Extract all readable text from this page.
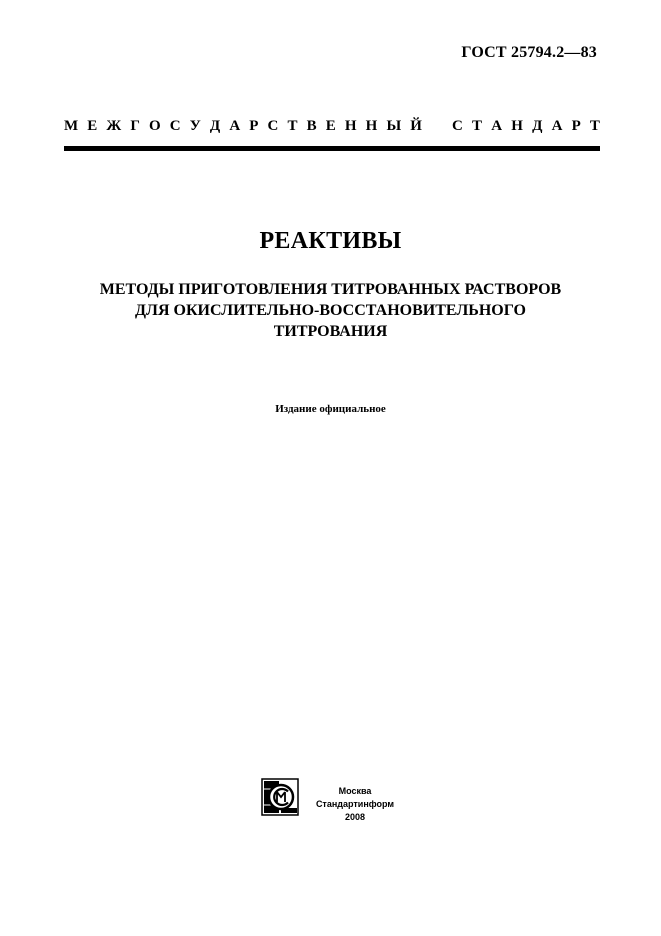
ГОСТ 25794.2—83
М Е Ж Г О С У Д А Р С Т В Е Н Н Ы Й С Т А Н Д А Р Т
РЕАКТИВЫ
МЕТОДЫ ПРИГОТОВЛЕНИЯ ТИТРОВАННЫХ РАСТВОРОВ
ДЛЯ ОКИСЛИТЕЛЬНО-ВОССТАНОВИТЕЛЬНОГО
ТИТРОВАНИЯ
Издание официальное
Москва
Стандартинформ
2008
